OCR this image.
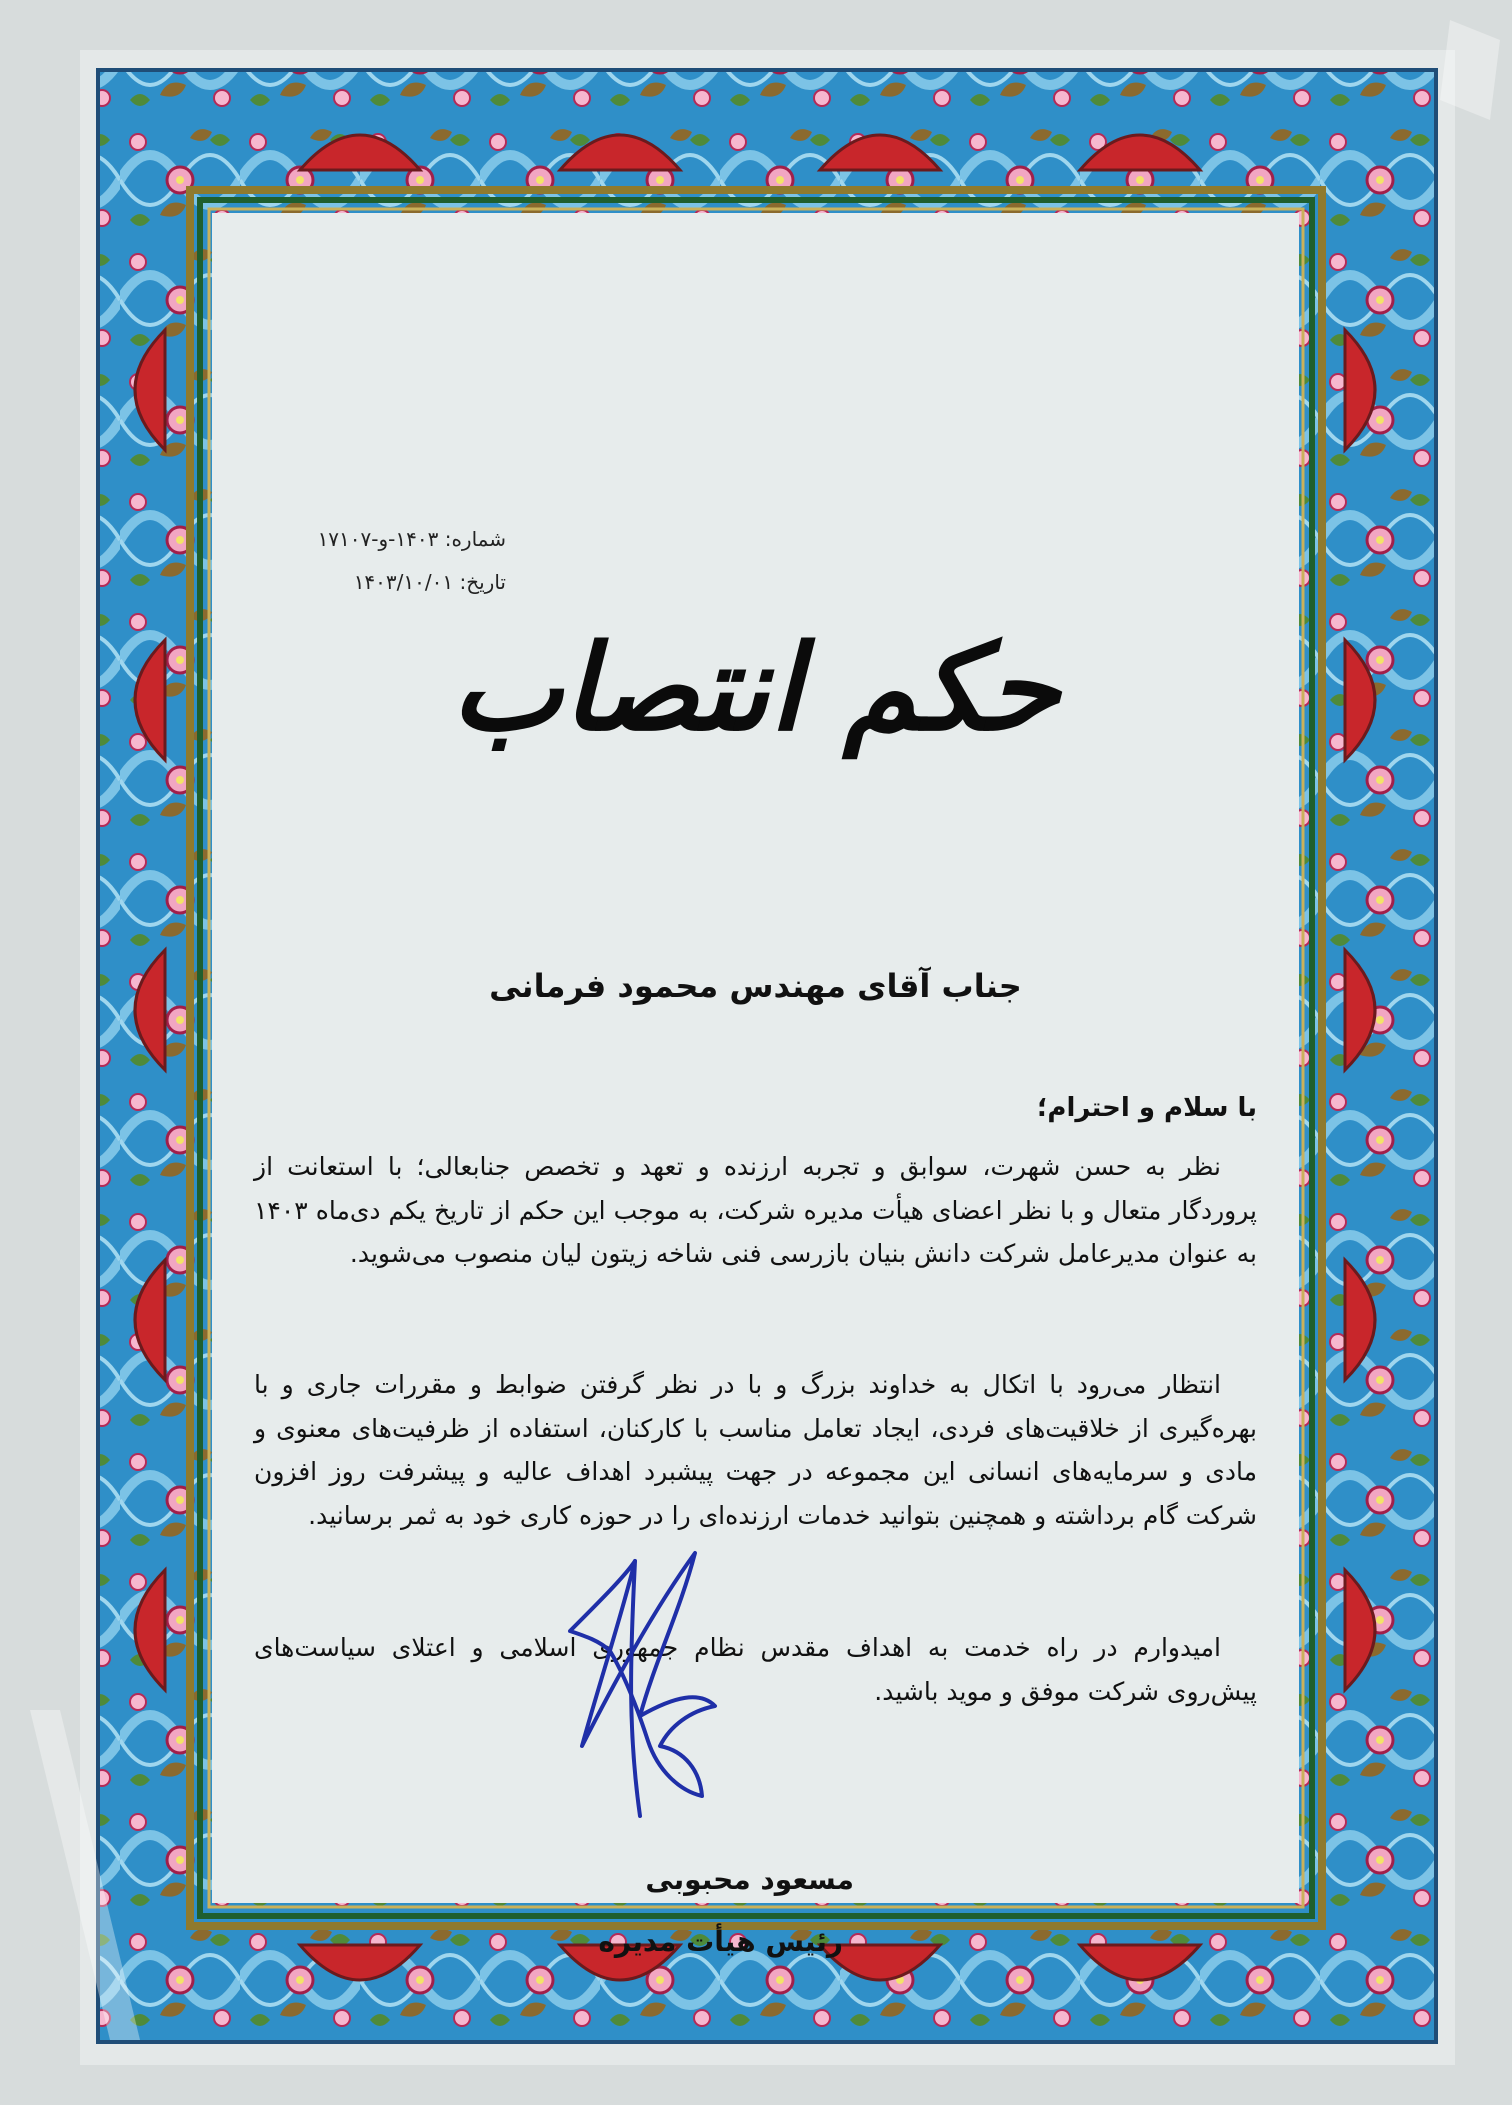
شماره: ۱۴۰۳-و-۱۷۱۰۷
تاریخ: ۱۴۰۳/۱۰/۰۱
حکم انتصاب
جناب آقای مهندس محمود فرمانی
با سلام و احترام؛
نظر به حسن شهرت، سوابق و تجربه ارزنده و تعهد و تخصص جنابعالی؛ با استعانت از پروردگار متعال و با نظر اعضای هیأت مدیره شرکت، به موجب این حکم از تاریخ یکم دی‌ماه ۱۴۰۳ به عنوان مدیرعامل شرکت دانش بنیان بازرسی فنی شاخه زیتون لیان منصوب می‌شوید.
انتظار می‌رود با اتکال به خداوند بزرگ و با در نظر گرفتن ضوابط و مقررات جاری و با بهره‌گیری از خلاقیت‌های فردی، ایجاد تعامل مناسب با کارکنان، استفاده از ظرفیت‌های معنوی و مادی و سرمایه‌های انسانی این مجموعه در جهت پیشبرد اهداف عالیه و پیشرفت روز افزون شرکت گام برداشته و همچنین بتوانید خدمات ارزنده‌ای را در حوزه کاری خود به ثمر برسانید.
امیدوارم در راه خدمت به اهداف مقدس نظام جمهوری اسلامی و اعتلای سیاست‌های پیش‌روی شرکت موفق و موید باشید.
مسعود محبوبی
رئیس هیأت مدیره
